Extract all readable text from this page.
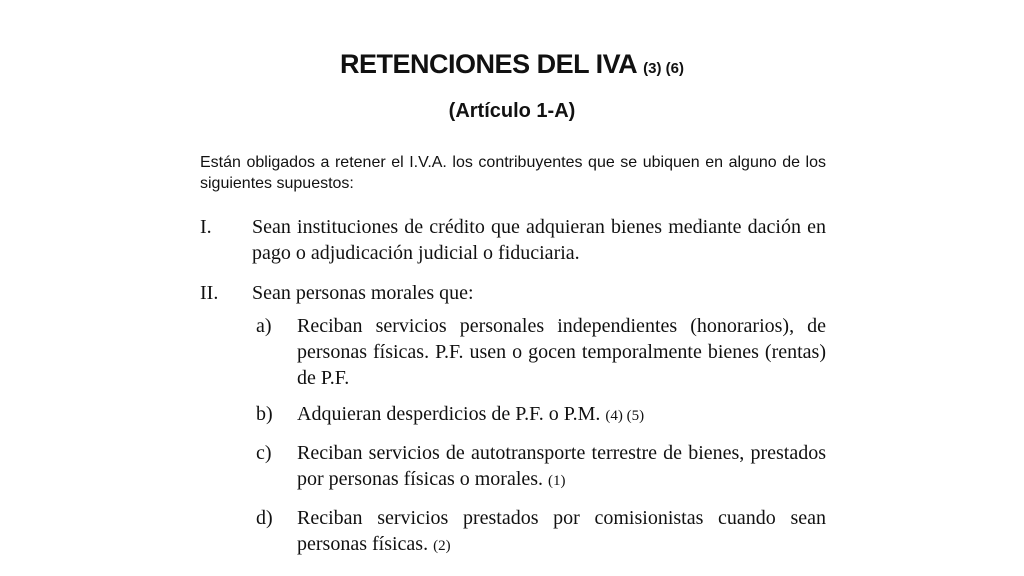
RETENCIONES DEL IVA (3) (6)
(Artículo 1-A)
Están obligados a retener el I.V.A. los contribuyentes que se ubiquen en alguno de los siguientes supuestos:
I.	Sean instituciones de crédito que adquieran bienes mediante dación en pago o adjudicación judicial o fiduciaria.
II.	Sean personas morales que:
a)	Reciban servicios personales independientes (honorarios), de personas físicas. P.F. usen o gocen temporalmente bienes (rentas) de P.F.
b)	Adquieran desperdicios de P.F. o P.M. (4) (5)
c)	Reciban servicios de autotransporte terrestre de bienes, prestados por personas físicas o morales. (1)
d)	Reciban servicios prestados por comisionistas cuando sean personas físicas. (2)
